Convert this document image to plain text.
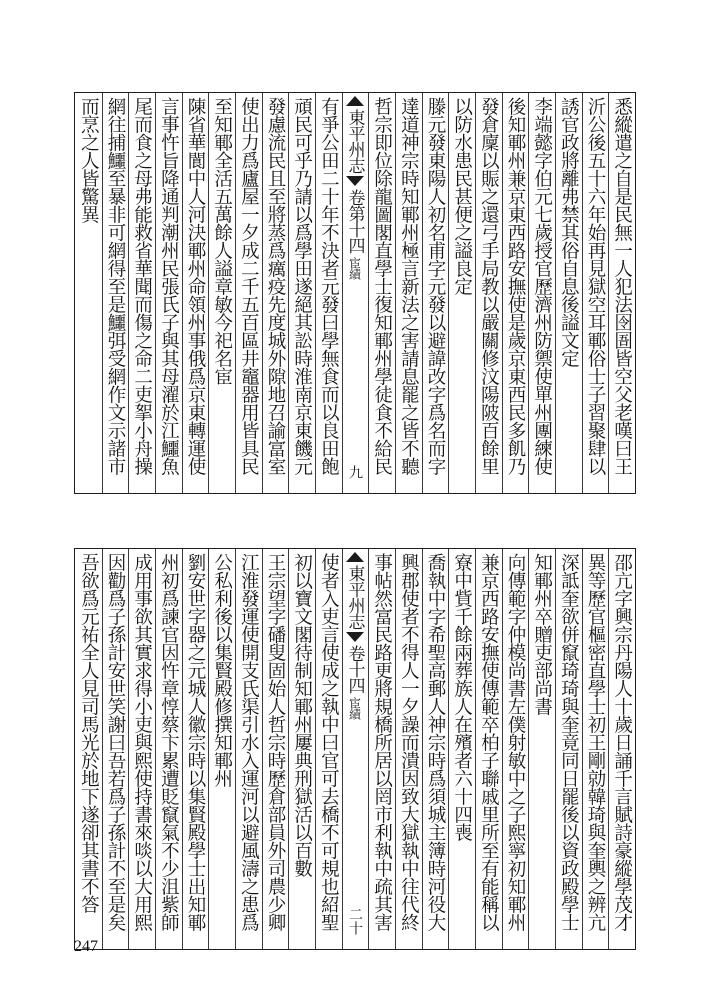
悉縱遣之自是民無一人犯法囹圄皆空父老嘆曰王
沂公後五十六年始再見獄空耳鄆俗士子習聚肆以
誘官政將離弗禁其俗自息後謚文定
李端懿字伯元七歲授官歷濟州防禦使單州團練使
後知鄆州兼京東西路安撫使是歲京東西民多飢乃
發倉廩以賑之還弓手局教以嚴關修汶陽陂百餘里
以防水患民甚便之謚良定
滕元發東陽人初名甫字元發以避諱改字爲名而字
達道神宗時知鄆州極言新法之害請息罷之皆不聽
哲宗即位除龍圖閣直學士復知鄆州學徒食不給民
東平州志
卷第十四
宦績
九
有爭公田二十年不決者元發曰學無食而以良田飽
頑民可乎乃請以爲學田遂絕其訟時淮南京東饑元
發慮流民且至將蒸爲癘疫先度城外隙地召諭富室
使出力爲廬屋一夕成二千五百區井竈器用皆具民
至知鄆全活五萬餘人謚章敏今祀名宦
陳省華閬中人河決鄆州命領州事俄爲京東轉運使
言事忤旨降通判潮州民張氏子與其母濯於江鱷魚
尾而食之母弗能救省華聞而傷之命二吏挐小舟操
網往捕鱷至暴非可網得至是鱷弭受網作文示諸市
而烹之人皆驚異
邵亢字興宗丹陽人十歲日誦千言賦詩豪縱學茂才
異等歷官樞密直學士初王剛勍韓琦與奎輿之辨亢
深詆奎欲併竄琦琦與奎竟同日罷後以資政殿學士
知鄆州卒贈吏部尚書
向傳範字仲模尚書左僕射敏中之子熙寧初知鄆州
兼京西路安撫使傳範卒柏子聯戚里所至有能稱以
寮中貲千餘兩葬族人在殯者六十四喪
喬執中字希聖高郵人神宗時爲須城主簿時河役大
興郡使者不得人一夕譟而潰因致大獄執中往代終
事帖然富民路更將規橋所居以罔市利執中疏其害
東平州志
卷十四
宦績
二十
使者入吏言使成之執中曰官可去橋不可規也紹聖
初以寶文閣待制知鄆州屢典刑獄活以百數
王宗望字磻叟固始人哲宗時歷倉部員外司農少卿
江淮發運使開支氏渠引水入運河以避風濤之患爲
公私利後以集賢殿修撰知鄆州
劉安世字器之元城人徽宗時以集賢殿學士出知鄆
州初爲諫官因忤章惇蔡卞累遭貶竄氣不少沮紫師
成用事欲其實求得小吏與熙使持書來啖以大用熙
因勸爲子孫計安世笑謝曰吾若爲子孫計不至是矣
吾欲爲元祐全人見司馬光於地下遂卻其書不答
247
